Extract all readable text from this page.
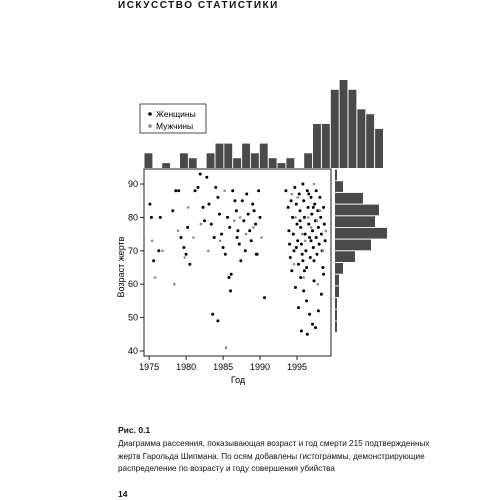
ИСКУССТВО СТАТИСТИКИ
1975 1980 1985 1990 1995
40
50
60
70
80
90
Год
Возраст жертв
Женщины
Мужчины
Рис. 0.1
Диаграмма рассеяния, показывающая возраст и год смерти 215 подтвержденных
жертв Гарольда Шипмана. По осям добавлены гистограммы, демонстрирующие
распределение по возрасту и году совершения убийства
14
